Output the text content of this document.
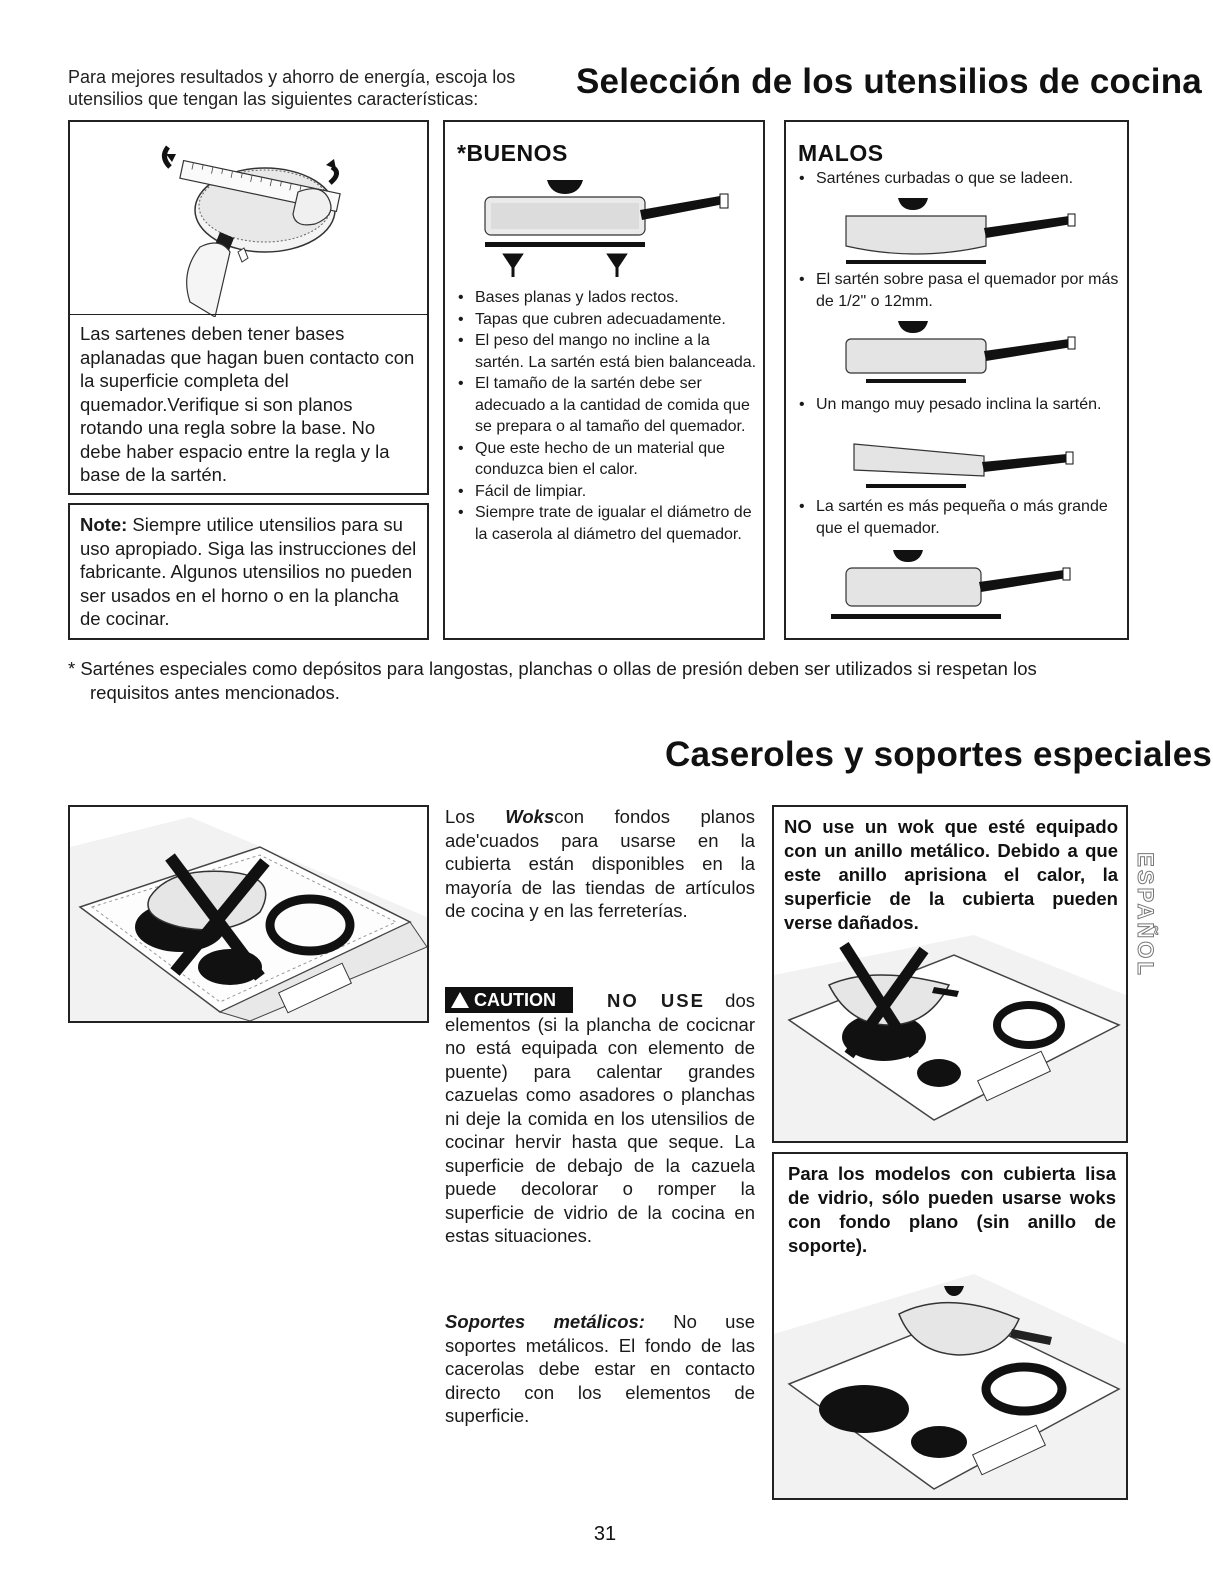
Para mejores resultados y ahorro de energía, escoja los utensilios que tengan las siguientes características:	Selección de los utensilios de cocina
Las sartenes deben tener bases aplanadas que hagan buen contacto con la superficie completa del quemador.Verifique si son planos rotando una regla sobre la base. No debe haber espacio entre la regla y la base de la sartén.
Note: Siempre utilice utensilios para su uso apropiado. Siga las instrucciones del fabricante. Algunos utensilios no pueden ser usados en el horno o en la plancha de cocinar.
*BUENOS
• Bases planas y lados rectos.
• Tapas que cubren adecuadamente.
• El peso del mango no incline a la sartén. La sartén está bien balanceada.
• El tamaño de la sartén debe ser adecuado a la cantidad de comida que se prepara o al tamaño del quemador.
• Que este hecho de un material que conduzca bien el calor.
• Fácil de limpiar.
• Siempre trate de igualar el diámetro de la caserola al diámetro del quemador.
MALOS
• Sarténes curbadas o que se ladeen.
• El sartén sobre pasa el quemador por más de 1/2" o 12mm.
• Un mango muy pesado inclina la sartén.
• La sartén es más pequeña o más grande que el quemador.
* Sarténes especiales como depósitos para langostas, planchas o ollas de presión deben ser utilizados si respetan los requisitos antes mencionados.
Caseroles y soportes especiales
Los Wokscon fondos planos ade'cuados para usarse en la cubierta están disponibles en la mayoría de las tiendas de artículos de cocina y en las ferreterías.
CAUTION	NO USE dos elementos (si la plancha de cocicnar no está equipada con elemento de puente) para calentar grandes cazuelas como asadores o planchas ni deje la comida en los utensilios de cocinar hervir hasta que seque. La superficie de debajo de la cazuela puede decolorar o romper la superficie de vidrio de la cocina en estas situaciones.
Soportes metálicos: No use soportes metálicos. El fondo de las cacerolas debe estar en contacto directo con los elementos de superficie.
NO use un wok que esté equipado con un anillo metálico. Debido a que este anillo aprisiona el calor, la superficie de la cubierta pueden verse dañados.
Para los modelos con cubierta lisa de vidrio, sólo pueden usarse woks con fondo plano (sin anillo de soporte).
ESPAÑOL
31
